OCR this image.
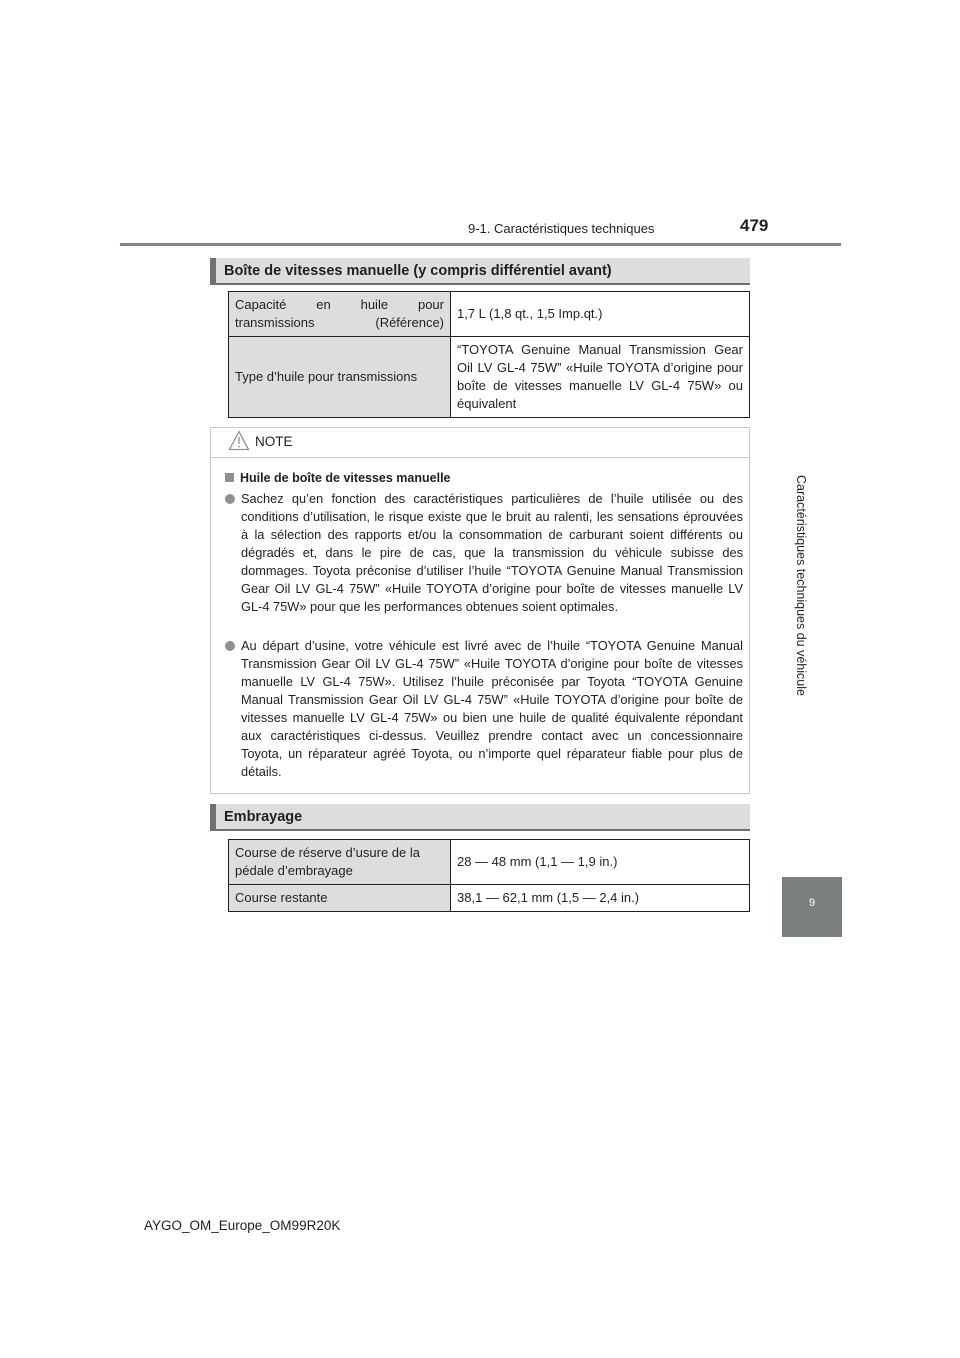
9-1. Caractéristiques techniques	479
Caractéristiques techniques du véhicule
9
Boîte de vitesses manuelle (y compris différentiel avant)
Capacité en huile pour transmissions (Référence)	1,7 L (1,8 qt., 1,5 Imp.qt.)
Type d’huile pour transmissions	“TOYOTA Genuine Manual Transmission Gear Oil LV GL-4 75W” «Huile TOYOTA d’origine pour boîte de vitesses manuelle LV GL-4 75W» ou équivalent
NOTE
Huile de boîte de vitesses manuelle
Sachez qu’en fonction des caractéristiques particulières de l’huile utilisée ou des conditions d’utilisation, le risque existe que le bruit au ralenti, les sensations éprouvées à la sélection des rapports et/ou la consommation de carburant soient différents ou dégradés et, dans le pire de cas, que la transmission du véhicule subisse des dommages. Toyota préconise d’utiliser l’huile “TOYOTA Genuine Manual Transmission Gear Oil LV GL-4 75W” «Huile TOYOTA d’origine pour boîte de vitesses manuelle LV GL-4 75W» pour que les performances obtenues soient optimales.
Au départ d’usine, votre véhicule est livré avec de l’huile “TOYOTA Genuine Manual Transmission Gear Oil LV GL-4 75W” «Huile TOYOTA d’origine pour boîte de vitesses manuelle LV GL-4 75W». Utilisez l’huile préconisée par Toyota “TOYOTA Genuine Manual Transmission Gear Oil LV GL-4 75W” «Huile TOYOTA d’origine pour boîte de vitesses manuelle LV GL-4 75W» ou bien une huile de qualité équivalente répondant aux caractéristiques ci-dessus. Veuillez prendre contact avec un concessionnaire Toyota, un réparateur agréé Toyota, ou n’importe quel réparateur fiable pour plus de détails.
Embrayage
Course de réserve d’usure de la pédale d’embrayage	28 — 48 mm (1,1 — 1,9 in.)
Course restante	38,1 — 62,1 mm (1,5 — 2,4 in.)
AYGO_OM_Europe_OM99R20K
